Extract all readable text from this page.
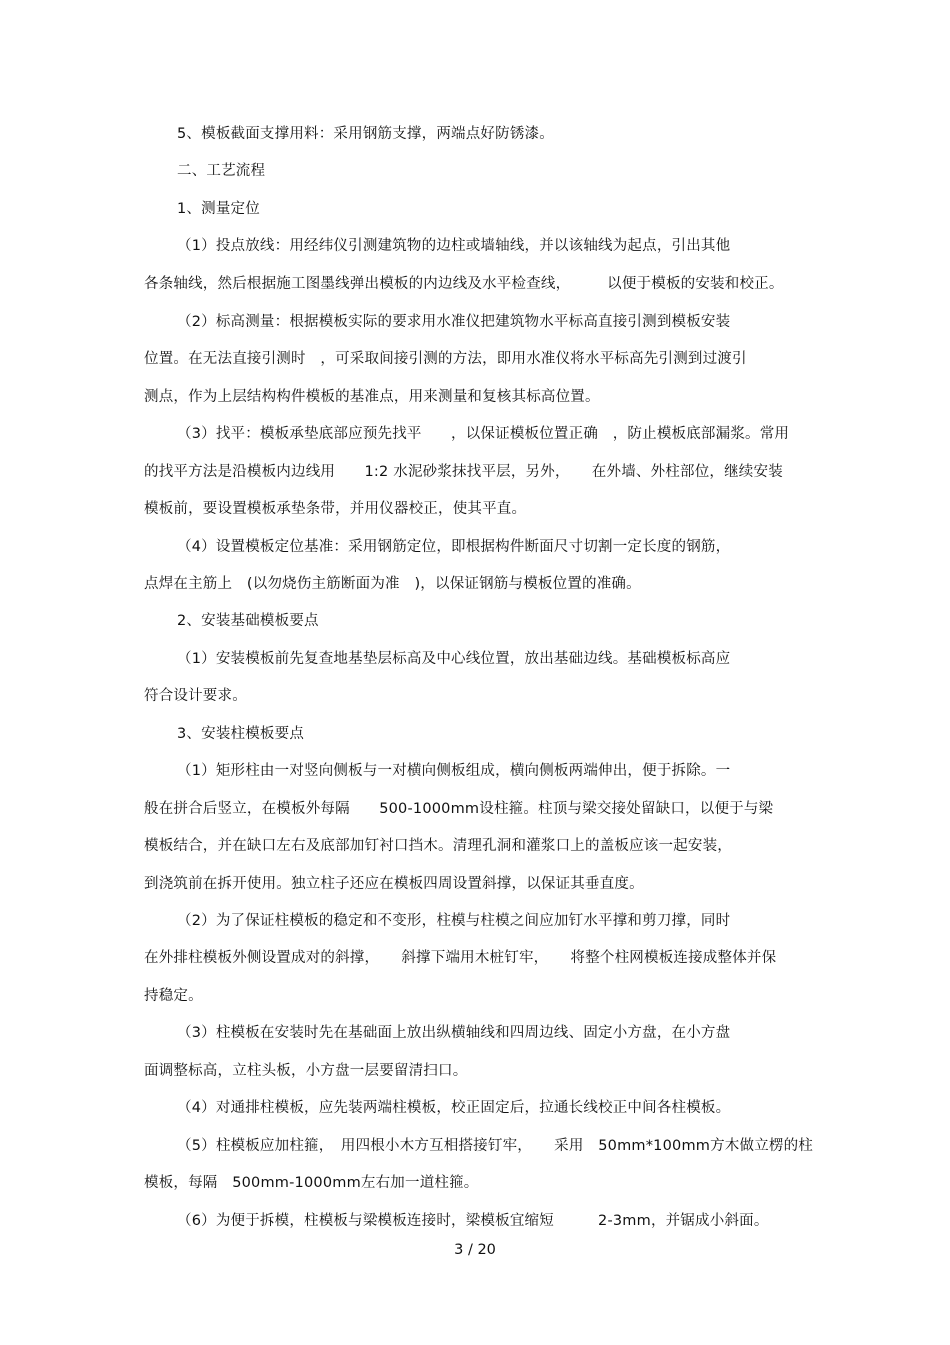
5、模板截面支撑用料：采用钢筋支撑，两端点好防锈漆。
二、工艺流程
1、测量定位
（1）投点放线：用经纬仪引测建筑物的边柱或墙轴线，并以该轴线为起点，引出其他
各条轴线，然后根据施工图墨线弹出模板的内边线及水平检查线，　　　以便于模板的安装和校正。
（2）标高测量：根据模板实际的要求用水准仪把建筑物水平标高直接引测到模板安装
位置。在无法直接引测时　，可采取间接引测的方法，即用水准仪将水平标高先引测到过渡引
测点，作为上层结构构件模板的基准点，用来测量和复核其标高位置。
（3）找平：模板承垫底部应预先找平　　，以保证模板位置正确　，防止模板底部漏浆。常用
的找平方法是沿模板内边线用　　1:2 水泥砂浆抹找平层，另外，　　在外墙、外柱部位，继续安装
模板前，要设置模板承垫条带，并用仪器校正，使其平直。
（4）设置模板定位基准：采用钢筋定位，即根据构件断面尺寸切割一定长度的钢筋，
点焊在主筋上　(以勿烧伤主筋断面为准　)，以保证钢筋与模板位置的准确。
2、安装基础模板要点
（1）安装模板前先复查地基垫层标高及中心线位置，放出基础边线。基础模板标高应
符合设计要求。
3、安装柱模板要点
（1）矩形柱由一对竖向侧板与一对横向侧板组成，横向侧板两端伸出，便于拆除。一
般在拼合后竖立，在模板外每隔　　500-1000mm设柱箍。柱顶与梁交接处留缺口，以便于与梁
模板结合，并在缺口左右及底部加钉衬口挡木。清理孔洞和灌浆口上的盖板应该一起安装，
到浇筑前在拆开使用。独立柱子还应在模板四周设置斜撑，以保证其垂直度。
（2）为了保证柱模板的稳定和不变形，柱模与柱模之间应加钉水平撑和剪刀撑，同时
在外排柱模板外侧设置成对的斜撑，　　斜撑下端用木桩钉牢，　　将整个柱网模板连接成整体并保
持稳定。
（3）柱模板在安装时先在基础面上放出纵横轴线和四周边线、固定小方盘，在小方盘
面调整标高，立柱头板，小方盘一层要留清扫口。
（4）对通排柱模板，应先装两端柱模板，校正固定后，拉通长线校正中间各柱模板。
（5）柱模板应加柱箍，　用四根小木方互相搭接钉牢，　　采用　50mm*100mm方木做立楞的柱
模板，每隔　500mm-1000mm左右加一道柱箍。
（6）为便于拆模，柱模板与梁模板连接时，梁模板宜缩短　　　2-3mm，并锯成小斜面。
3 / 20
